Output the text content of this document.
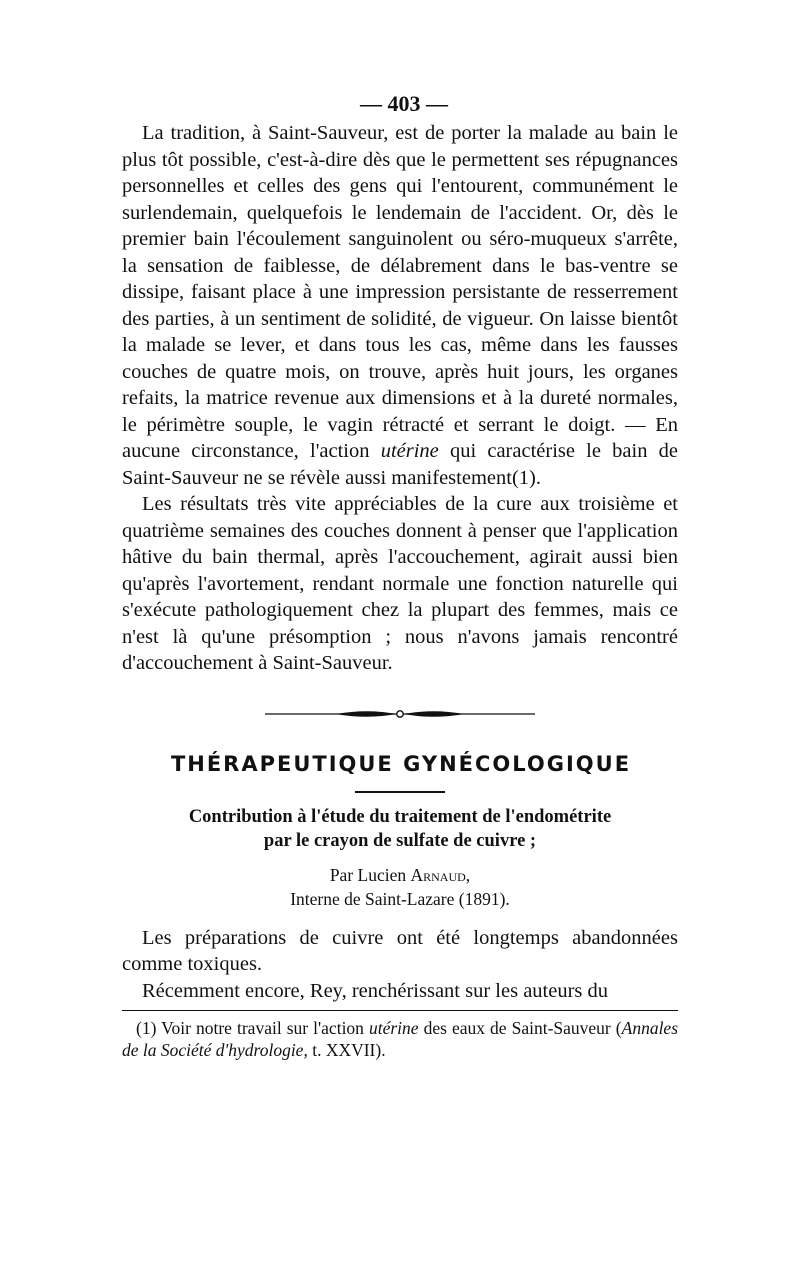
— 403 —

La tradition, à Saint-Sauveur, est de porter la malade au bain le plus tôt possible, c'est-à-dire dès que le permettent ses répugnances personnelles et celles des gens qui l'entourent, communément le surlendemain, quelquefois le lendemain de l'accident. Or, dès le premier bain l'écoulement sanguinolent ou séro-muqueux s'arrête, la sensation de faiblesse, de délabrement dans le bas-ventre se dissipe, faisant place à une impression persistante de resserrement des parties, à un sentiment de solidité, de vigueur. On laisse bientôt la malade se lever, et dans tous les cas, même dans les fausses couches de quatre mois, on trouve, après huit jours, les organes refaits, la matrice revenue aux dimensions et à la dureté normales, le périmètre souple, le vagin rétracté et serrant le doigt. — En aucune circonstance, l'action utérine qui caractérise le bain de Saint-Sauveur ne se révèle aussi manifestement(1).

Les résultats très vite appréciables de la cure aux troisième et quatrième semaines des couches donnent à penser que l'application hâtive du bain thermal, après l'accouchement, agirait aussi bien qu'après l'avortement, rendant normale une fonction naturelle qui s'exécute pathologiquement chez la plupart des femmes, mais ce n'est là qu'une présomption ; nous n'avons jamais rencontré d'accouchement à Saint-Sauveur.

THÉRAPEUTIQUE GYNÉCOLOGIQUE
Contribution à l'étude du traitement de l'endométrite
par le crayon de sulfate de cuivre ;
Par Lucien Arnaud,
Interne de Saint-Lazare (1891).

Les préparations de cuivre ont été longtemps abandonnées comme toxiques.

Récemment encore, Rey, renchérissant sur les auteurs du

(1) Voir notre travail sur l'action utérine des eaux de Saint-Sauveur (Annales de la Société d'hydrologie, t. XXVII).
